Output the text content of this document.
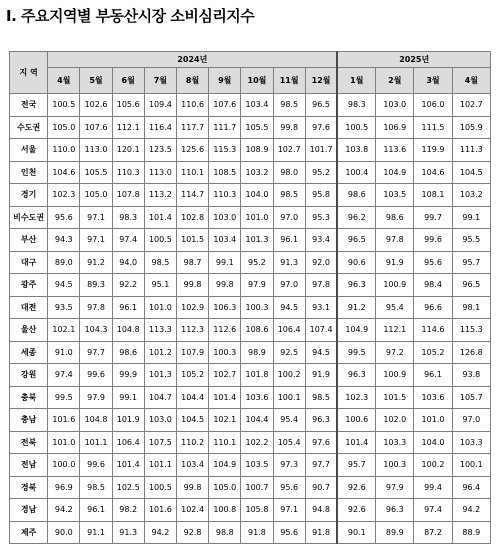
Ⅰ. 주요지역별 부동산시장 소비심리지수
지 역	2024년									2025년			
	4월	5월	6월	7월	8월	9월	10월	11월	12월	1월	2월	3월	4월
전국	100.5	102.6	105.6	109.4	110.6	107.6	103.4	98.5	96.5	98.3	103.0	106.0	102.7
수도권	105.0	107.6	112.1	116.4	117.7	111.7	105.5	99.8	97.6	100.5	106.9	111.5	105.9
서울	110.0	113.0	120.1	123.5	125.6	115.3	108.9	102.7	101.7	103.8	113.6	119.9	111.3
인천	104.6	105.5	110.3	113.0	110.1	108.5	103.2	98.0	95.2	100.4	104.9	104.6	104.5
경기	102.3	105.0	107.8	113.2	114.7	110.3	104.0	98.5	95.8	98.6	103.5	108.1	103.2
비수도권	95.6	97.1	98.3	101.4	102.8	103.0	101.0	97.0	95.3	96.2	98.6	99.7	99.1
부산	94.3	97.1	97.4	100.5	101.5	103.4	101.3	96.1	93.4	96.5	97.8	99.6	95.5
대구	89.0	91.2	94.0	98.5	98.7	99.1	95.2	91.3	92.0	90.6	91.9	95.6	95.7
광주	94.5	89.3	92.2	95.1	99.8	99.8	97.9	97.0	97.8	96.3	100.9	98.4	96.5
대전	93.5	97.8	96.1	101.0	102.9	106.3	100.3	94.5	93.1	91.2	95.4	96.6	98.1
울산	102.1	104.3	104.8	113.3	112.3	112.6	108.6	106.4	107.4	104.9	112.1	114.6	115.3
세종	91.0	97.7	98.6	101.2	107.9	100.3	98.9	92.5	94.5	99.5	97.2	105.2	126.8
강원	97.4	99.6	99.9	101.3	105.2	102.7	101.8	100.2	91.9	96.3	100.9	96.1	93.8
충북	99.5	97.9	99.1	104.7	104.4	101.4	103.6	100.1	98.5	102.3	101.5	103.6	105.7
충남	101.6	104.8	101.9	103.0	104.5	102.1	104.4	95.4	96.3	100.6	102.0	101.0	97.0
전북	101.0	101.1	106.4	107.5	110.2	110.1	102.2	105.4	97.6	101.4	103.3	104.0	103.3
전남	100.0	99.6	101.4	101.1	103.4	104.9	103.5	97.3	97.7	95.7	100.3	100.2	100.1
경북	96.9	98.5	102.5	100.5	99.8	105.0	100.7	95.6	90.7	92.6	97.9	99.4	96.4
경남	94.2	96.1	98.2	101.6	102.4	100.8	105.8	97.1	94.8	92.6	96.3	97.4	94.2
제주	90.0	91.1	91.3	94.2	92.8	98.8	91.8	95.6	91.8	90.1	89.9	87.2	88.9
